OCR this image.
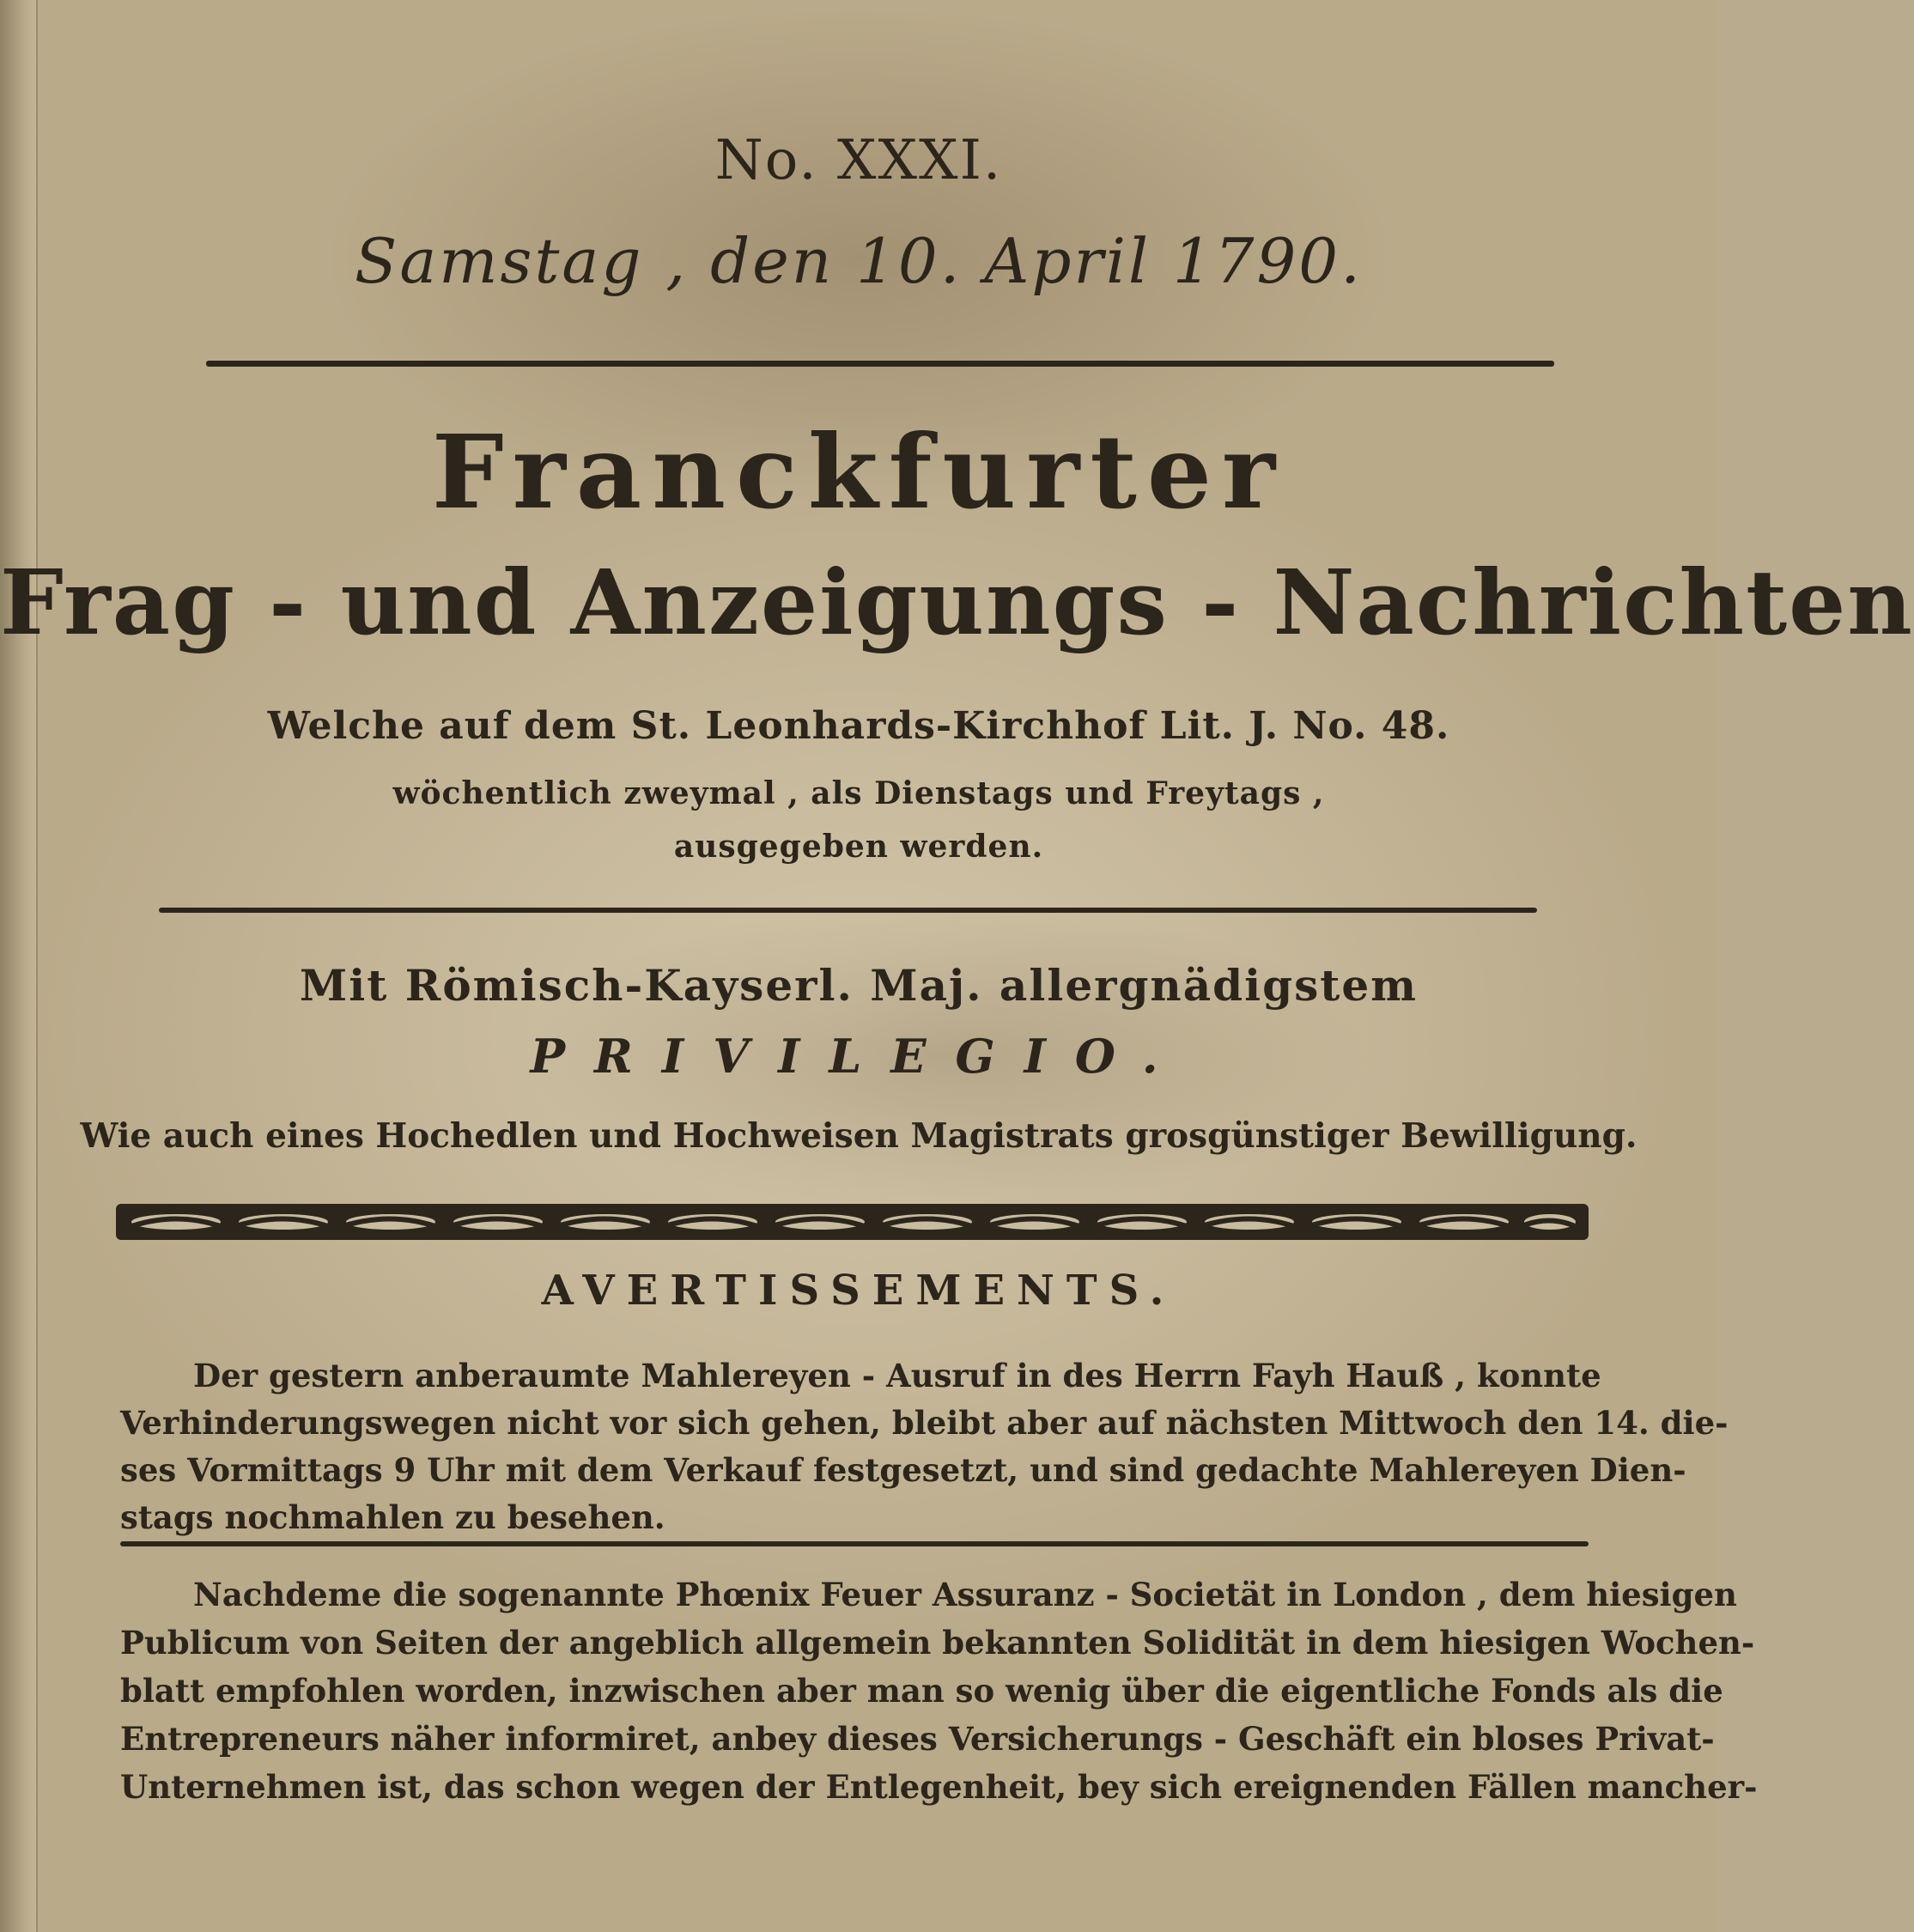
No. XXXI.
Samstag , den 10. April 1790.
Franckfurter
Frag - und Anzeigungs - Nachrichten
Welche auf dem St. Leonhards-Kirchhof Lit. J. No. 48.
wöchentlich zweymal , als Dienstags und Freytags ,
ausgegeben werden.
Mit Römisch-Kayserl. Maj. allergnädigstem
PRIVILEGIO.
Wie auch eines Hochedlen und Hochweisen Magistrats grosgünstiger Bewilligung.
AVERTISSEMENTS.
Der gestern anberaumte Mahlereyen - Ausruf in des Herrn Fayh Hauß , konnte
Verhinderungswegen nicht vor sich gehen, bleibt aber auf nächsten Mittwoch den 14. die-
ses Vormittags 9 Uhr mit dem Verkauf festgesetzt, und sind gedachte Mahlereyen Dien-
stags nochmahlen zu besehen.
Nachdeme die sogenannte Phœnix Feuer Assuranz - Societät in London , dem hiesigen
Publicum von Seiten der angeblich allgemein bekannten Solidität in dem hiesigen Wochen-
blatt empfohlen worden, inzwischen aber man so wenig über die eigentliche Fonds als die
Entrepreneurs näher informiret, anbey dieses Versicherungs - Geschäft ein bloses Privat-
Unternehmen ist, das schon wegen der Entlegenheit, bey sich ereignenden Fällen mancher-
